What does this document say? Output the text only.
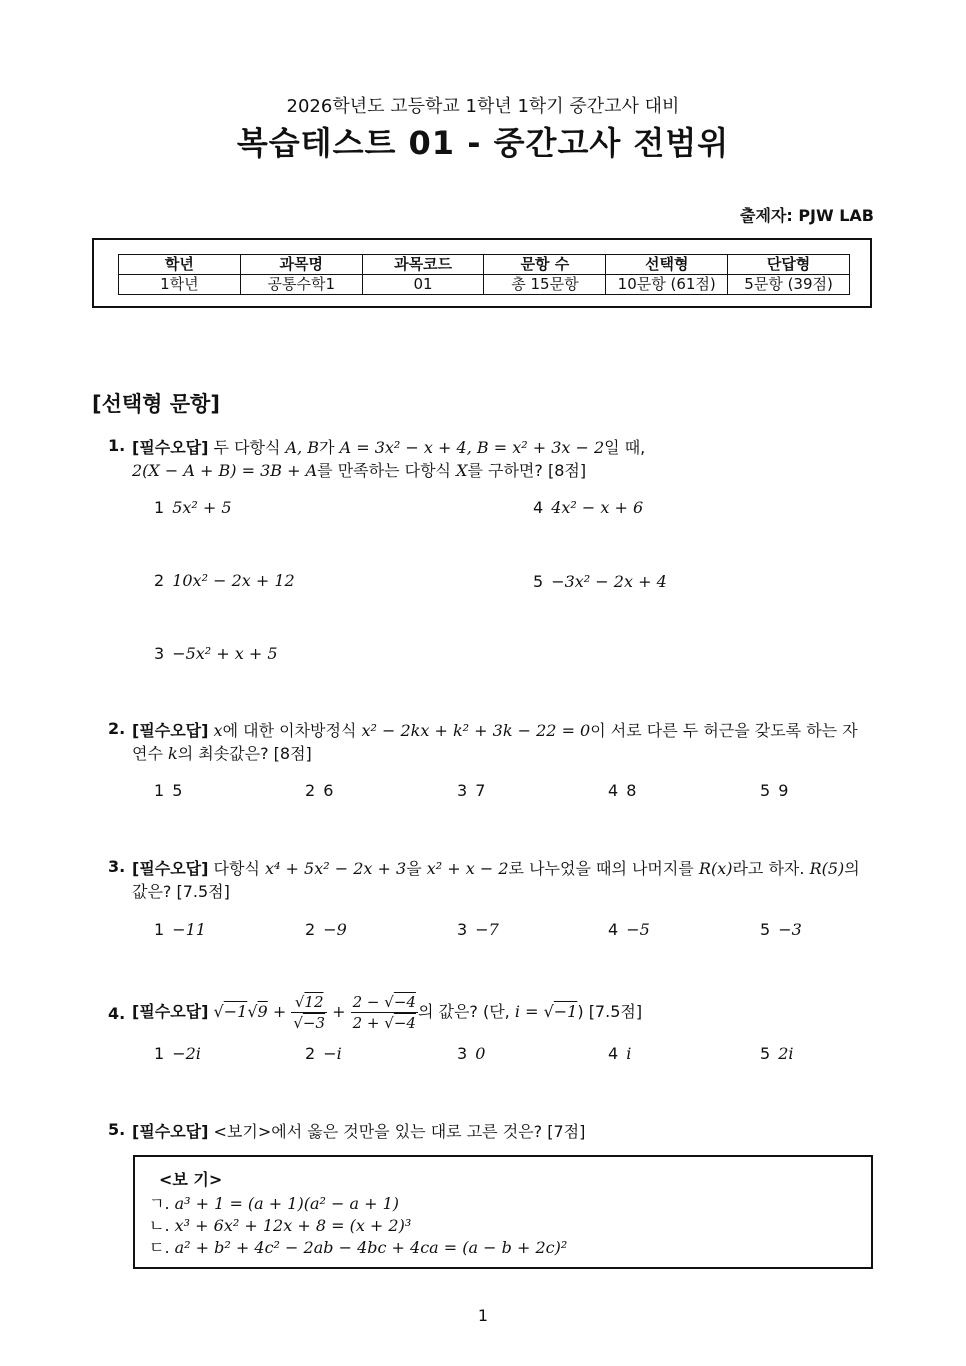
2026학년도 고등학교 1학년 1학기 중간고사 대비
복습테스트 01 - 중간고사 전범위
출제자: PJW LAB
학년	과목명	과목코드	문항 수	선택형	단답형
1학년	공통수학1	01	총 15문항	10문항 (61점)	5문항 (39점)
[선택형 문항]
1. [필수오답] 두 다항식 A, B가 A = 3x² − x + 4, B = x² + 3x − 2일 때,
2(X − A + B) = 3B + A를 만족하는 다항식 X를 구하면? [8점]
1 5x² + 5
2 10x² − 2x + 12
3 −5x² + x + 5
4 4x² − x + 6
5 −3x² − 2x + 4
2. [필수오답] x에 대한 이차방정식 x² − 2kx + k² + 3k − 22 = 0이 서로 다른 두 허근을 갖도록 하는 자
연수 k의 최솟값은? [8점]
1 5	2 6	3 7	4 8	5 9
3. [필수오답] 다항식 x⁴ + 5x² − 2x + 3을 x² + x − 2로 나누었을 때의 나머지를 R(x)라고 하자. R(5)의
값은? [7.5점]
1 −11	2 −9	3 −7	4 −5	5 −3
4. [필수오답] $√-1√9 + \frac{√12}{√-3} + \frac{2 - √-4}{2 + √-4}$ 의 값은? (단, i = √−1) [7.5점]
1 −2i	2 −i	3 0	4 i	5 2i
5. [필수오답] <보기>에서 옳은 것만을 있는 대로 고른 것은? [7점]
<보 기>
ㄱ. a³ + 1 = (a + 1)(a² − a + 1)
ㄴ. x³ + 6x² + 12x + 8 = (x + 2)³
ㄷ. a² + b² + 4c² − 2ab − 4bc + 4ca = (a − b + 2c)²
1
